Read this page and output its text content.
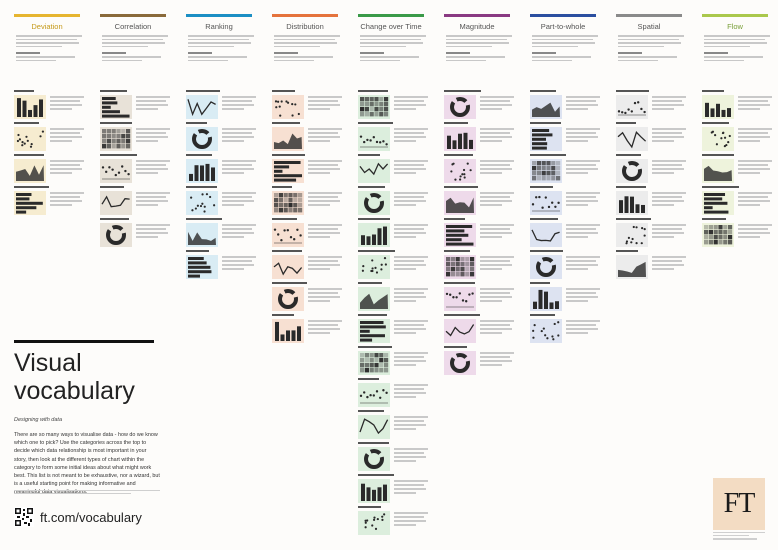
Deviation	Correlation	Ranking	Distribution	Change over Time	Magnitude	Part-to-whole	Spatial	Flow
Visual vocabulary
Designing with data
There are so many ways to visualise data - how do we know which one to pick? Use the categories across the top to decide which data relationship is most important in your story, then look at the different types of chart within the category to form some initial ideas about what might work best. This list is not meant to be exhaustive, nor a wizard, but is a useful starting point for making informative and
ft.com/vocabulary	FT
